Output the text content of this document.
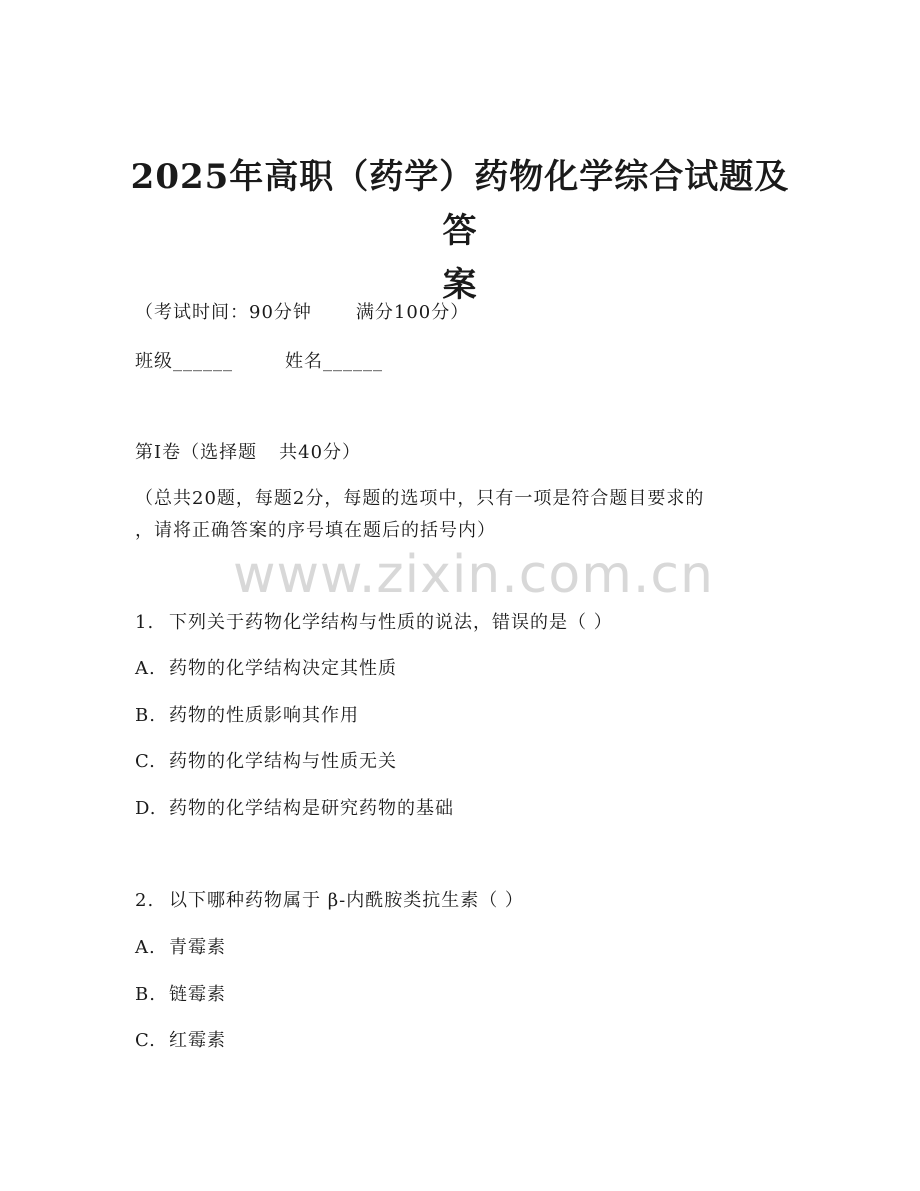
2025年高职（药学）药物化学综合试题及答
案
（考试时间：90分钟 满分100分）
班级______	姓名______
第I卷（选择题 共40分）
（总共20题，每题2分，每题的选项中，只有一项是符合题目要求的
，请将正确答案的序号填在题后的括号内）
www.zixin.com.cn
1. 下列关于药物化学结构与性质的说法，错误的是（ ）
A. 药物的化学结构决定其性质
B. 药物的性质影响其作用
C. 药物的化学结构与性质无关
D. 药物的化学结构是研究药物的基础
2. 以下哪种药物属于 β-内酰胺类抗生素（ ）
A. 青霉素
B. 链霉素
C. 红霉素
